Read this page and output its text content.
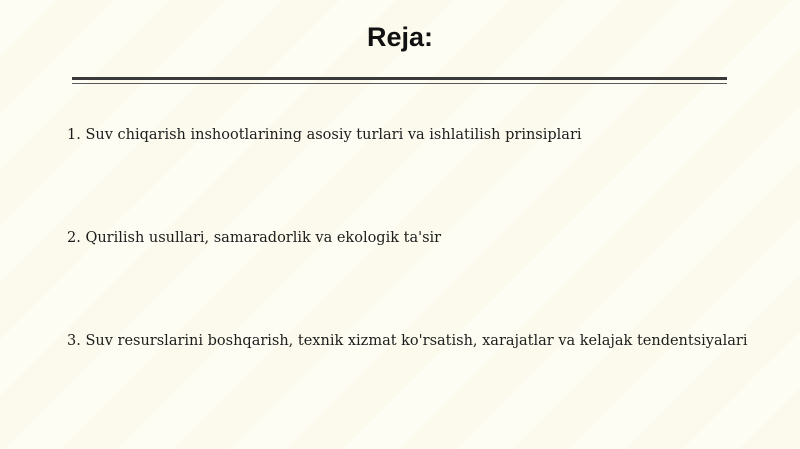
Reja:

1. Suv chiqarish inshootlarining asosiy turlari va ishlatilish prinsiplari

2. Qurilish usullari, samaradorlik va ekologik ta'sir

3. Suv resurslarini boshqarish, texnik xizmat ko'rsatish, xarajatlar va kelajak tendentsiyalari
